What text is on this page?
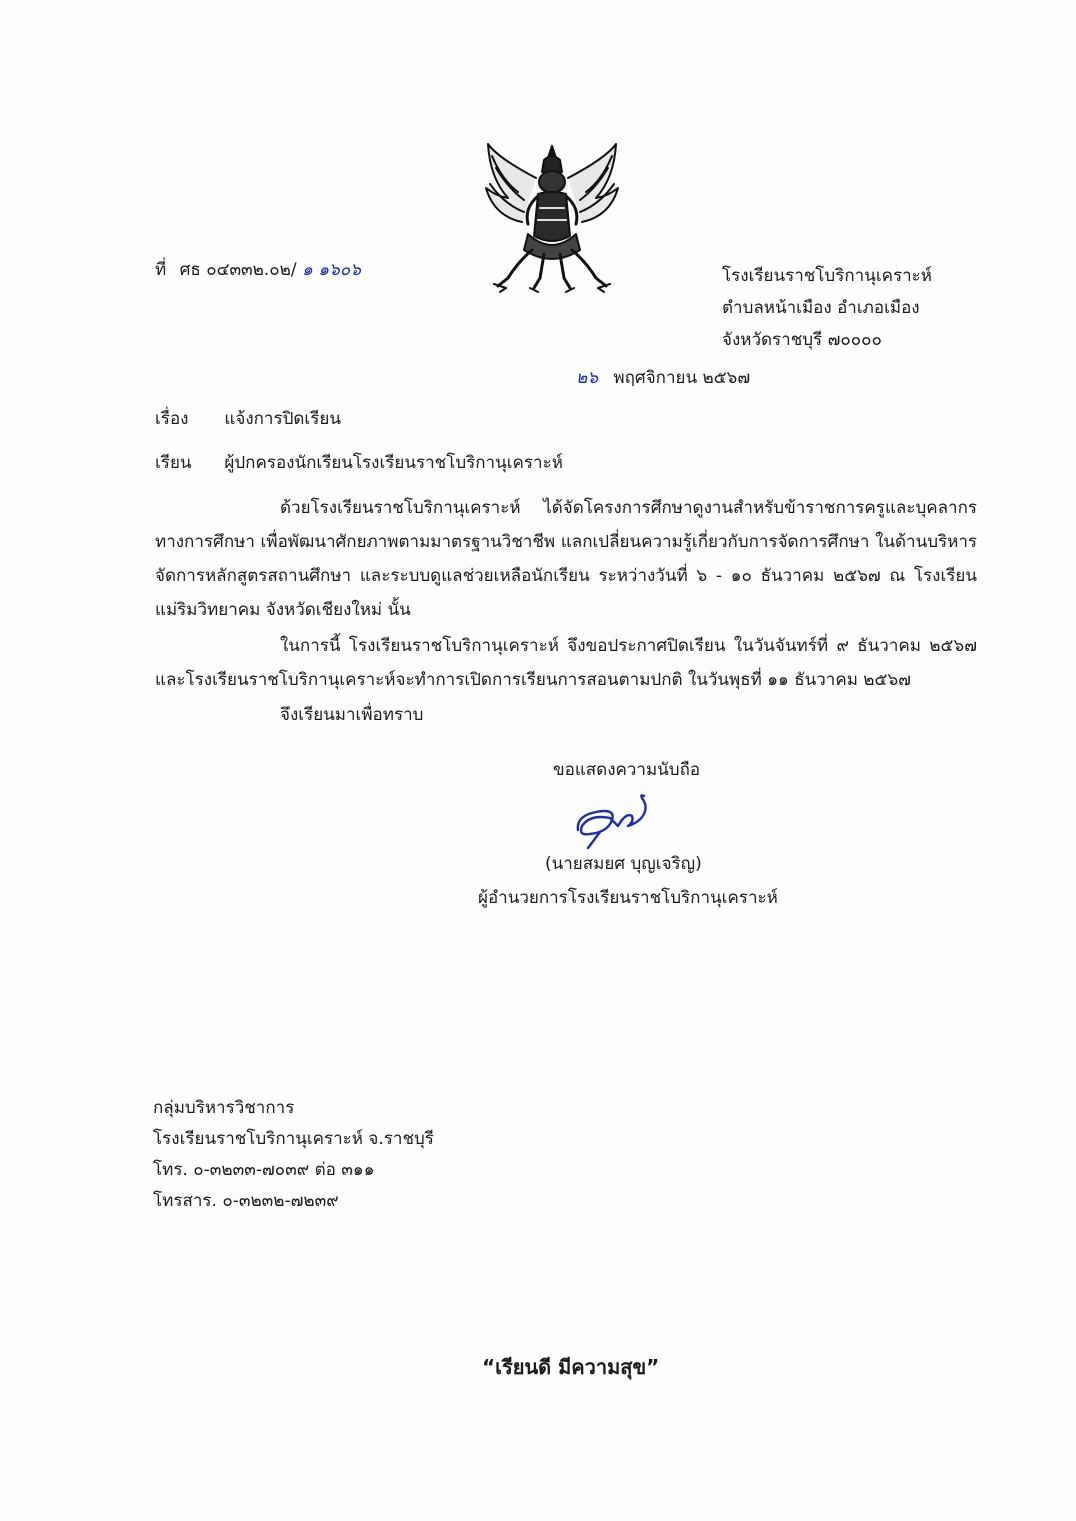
ที่ ศธ ๐๔๓๓๒.๐๒/ ๑ ๑๖๐๖	โรงเรียนราชโบริกานุเคราะห์
ตำบลหน้าเมือง อำเภอเมือง
จังหวัดราชบุรี ๗๐๐๐๐
๒๖ พฤศจิกายน ๒๕๖๗
เรื่อง แจ้งการปิดเรียน
เรียน ผู้ปกครองนักเรียนโรงเรียนราชโบริกานุเคราะห์

ด้วยโรงเรียนราชโบริกานุเคราะห์ ได้จัดโครงการศึกษาดูงานสำหรับข้าราชการครูและบุคลากรทางการศึกษา เพื่อพัฒนาศักยภาพตามมาตรฐานวิชาชีพ แลกเปลี่ยนความรู้เกี่ยวกับการจัดการศึกษา ในด้านบริหารจัดการหลักสูตรสถานศึกษา และระบบดูแลช่วยเหลือนักเรียน ระหว่างวันที่ ๖ - ๑๐ ธันวาคม ๒๕๖๗ ณ โรงเรียนแม่ริมวิทยาคม จังหวัดเชียงใหม่ นั้น

ในการนี้ โรงเรียนราชโบริกานุเคราะห์ จึงขอประกาศปิดเรียน ในวันจันทร์ที่ ๙ ธันวาคม ๒๕๖๗ และโรงเรียนราชโบริกานุเคราะห์จะทำการเปิดการเรียนการสอนตามปกติ ในวันพุธที่ ๑๑ ธันวาคม ๒๕๖๗

จึงเรียนมาเพื่อทราบ
ขอแสดงความนับถือ
(นายสมยศ บุญเจริญ)
ผู้อำนวยการโรงเรียนราชโบริกานุเคราะห์
กลุ่มบริหารวิชาการ
โรงเรียนราชโบริกานุเคราะห์ จ.ราชบุรี
โทร. ๐-๓๒๓๓-๗๐๓๙ ต่อ ๓๑๑
โทรสาร. ๐-๓๒๓๒-๗๒๓๙
“เรียนดี มีความสุข”
